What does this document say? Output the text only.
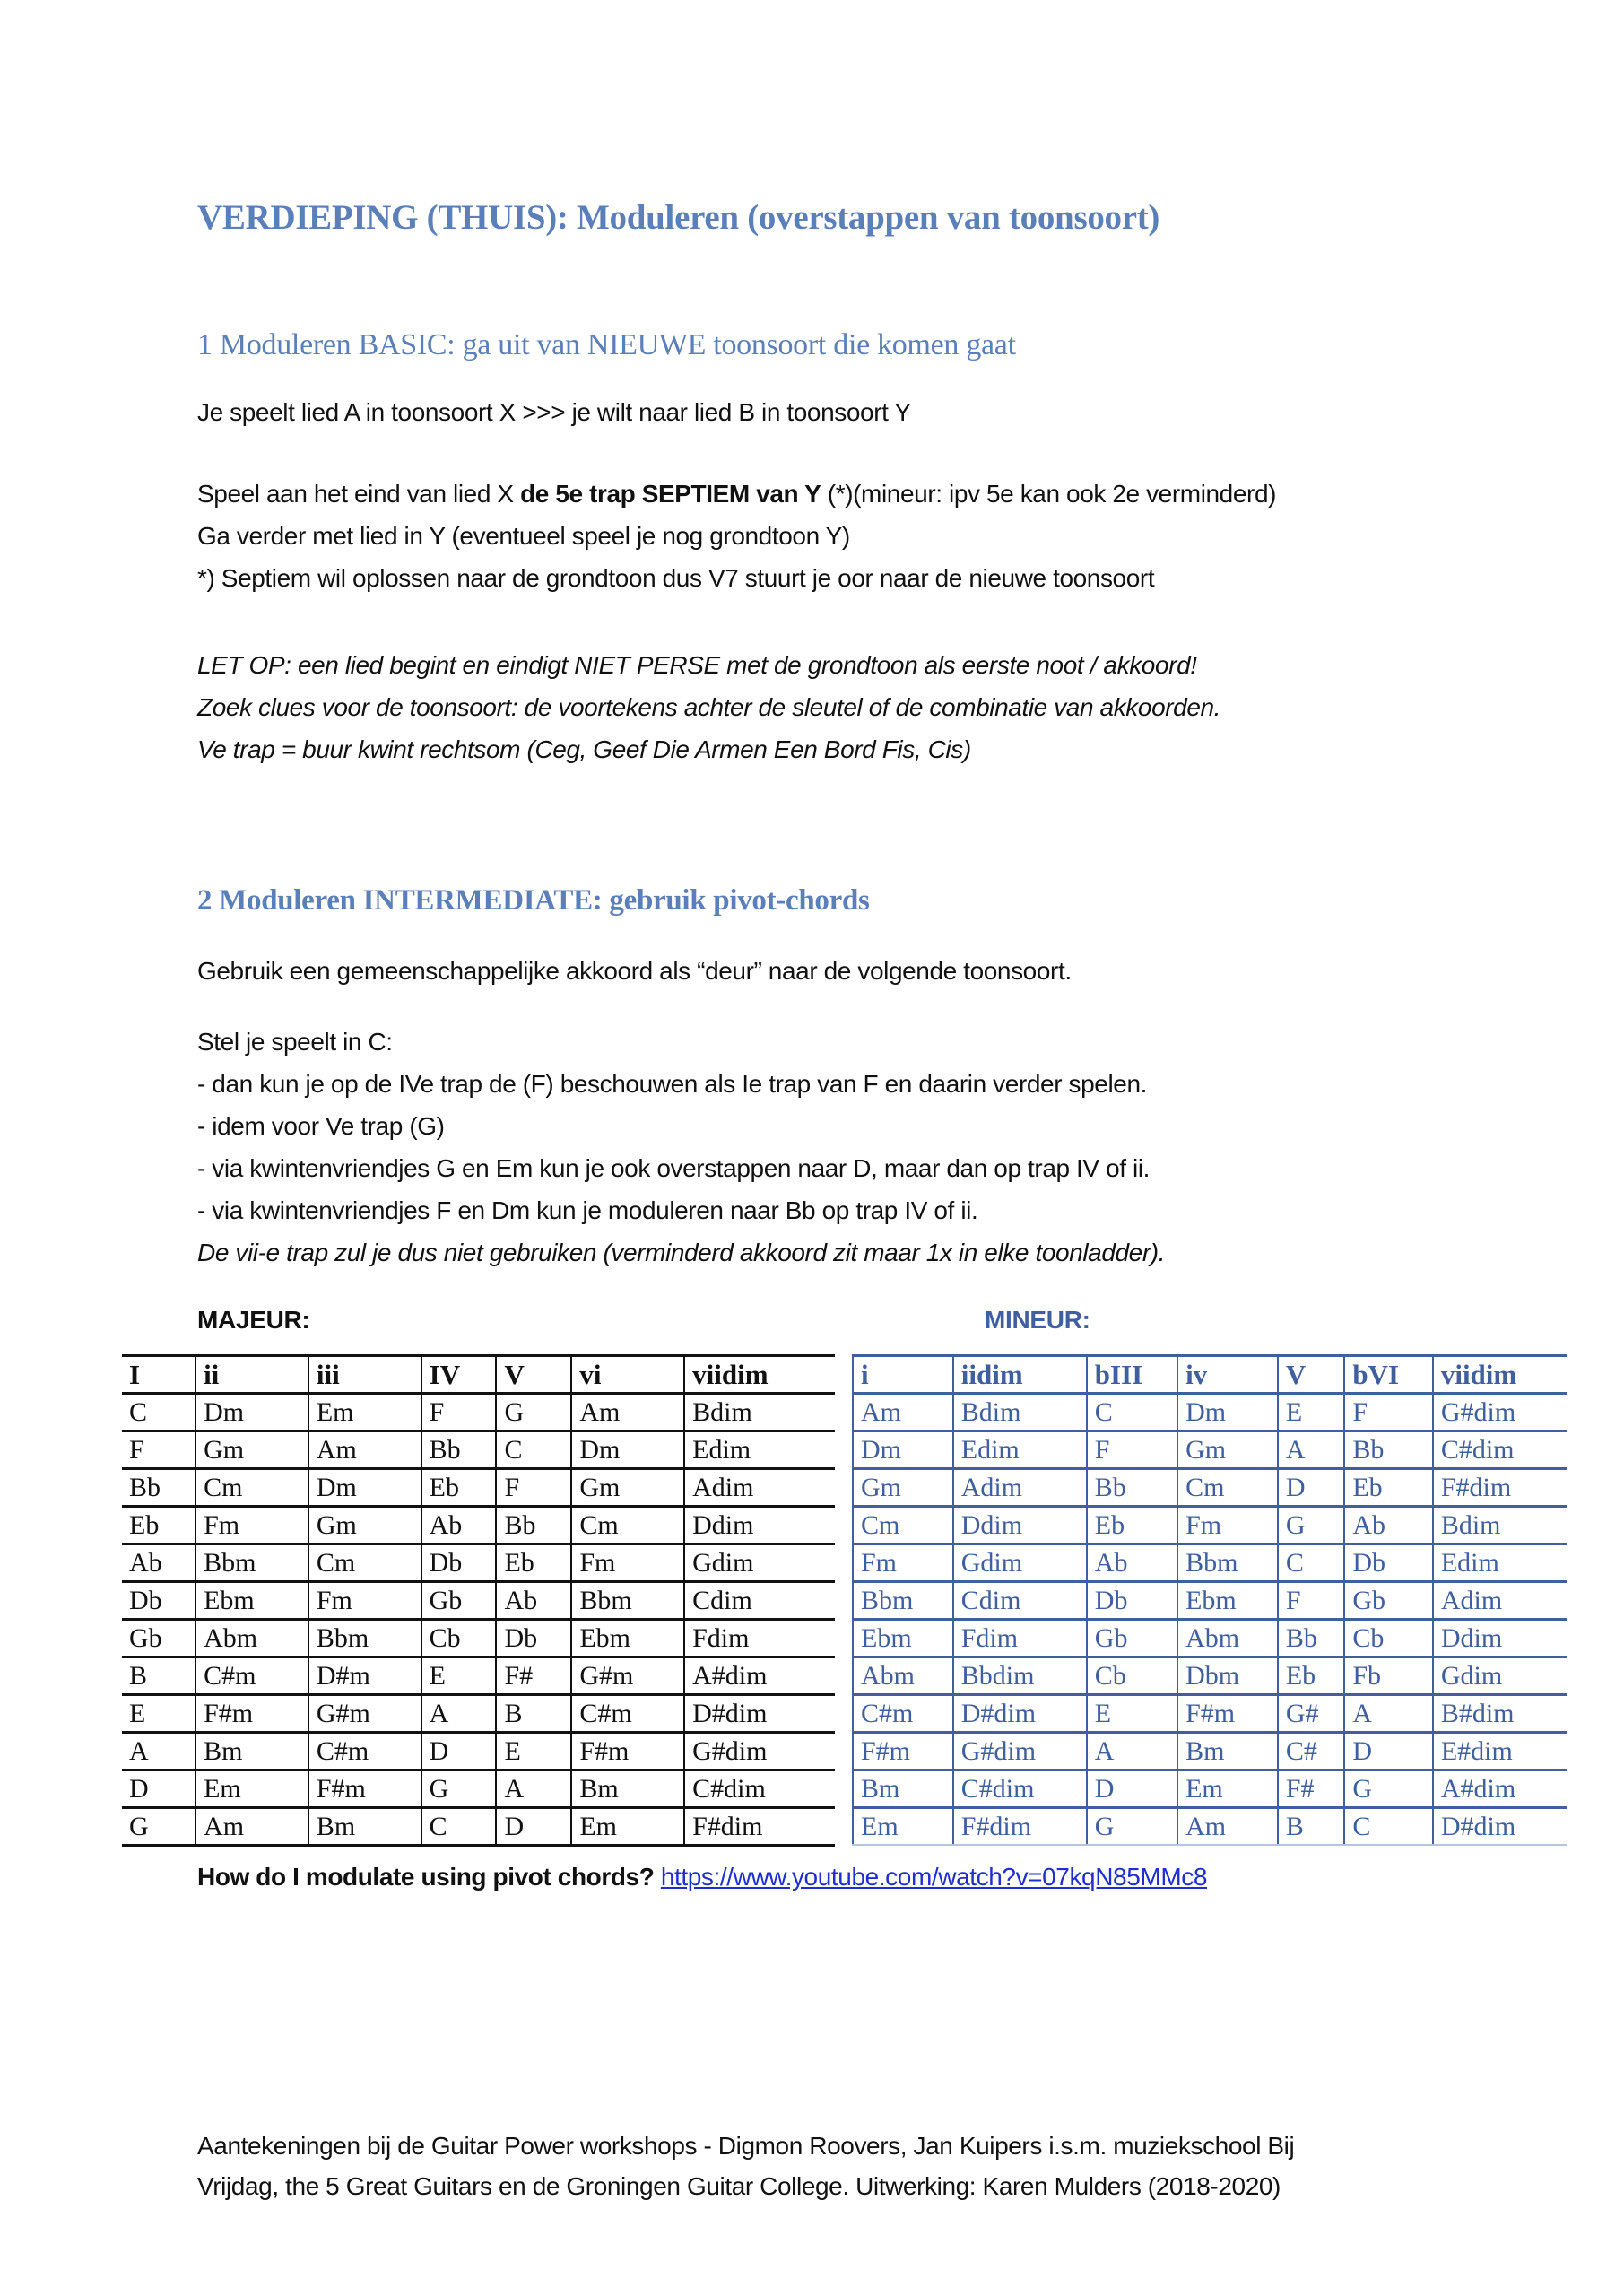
VERDIEPING (THUIS): Moduleren (overstappen van toonsoort)
1 Moduleren BASIC: ga uit van NIEUWE toonsoort die komen gaat

Je speelt lied A in toonsoort X >>> je wilt naar lied B in toonsoort Y

Speel aan het eind van lied X de 5e trap SEPTIEM van Y (*)(mineur: ipv 5e kan ook 2e verminderd)

Ga verder met lied in Y (eventueel speel je nog grondtoon Y)

*) Septiem wil oplossen naar de grondtoon dus V7 stuurt je oor naar de nieuwe toonsoort

LET OP: een lied begint en eindigt NIET PERSE met de grondtoon als eerste noot / akkoord!

Zoek clues voor de toonsoort: de voortekens achter de sleutel of de combinatie van akkoorden.

Ve trap = buur kwint rechtsom (Ceg, Geef Die Armen Een Bord Fis, Cis)

2 Moduleren INTERMEDIATE: gebruik pivot-chords

Gebruik een gemeenschappelijke akkoord als “deur” naar de volgende toonsoort.

Stel je speelt in C:

- dan kun je op de IVe trap de (F) beschouwen als Ie trap van F en daarin verder spelen.

- idem voor Ve trap (G)

- via kwintenvriendjes G en Em kun je ook overstappen naar D, maar dan op trap IV of ii.

- via kwintenvriendjes F en Dm kun je moduleren naar Bb op trap IV of ii.

De vii-e trap zul je dus niet gebruiken (verminderd akkoord zit maar 1x in elke toonladder).

MAJEUR:	MINEUR:
I	ii	iii	IV	V	vi	viidim
C	Dm	Em	F	G	Am	Bdim
F	Gm	Am	Bb	C	Dm	Edim
Bb	Cm	Dm	Eb	F	Gm	Adim
Eb	Fm	Gm	Ab	Bb	Cm	Ddim
Ab	Bbm	Cm	Db	Eb	Fm	Gdim
Db	Ebm	Fm	Gb	Ab	Bbm	Cdim
Gb	Abm	Bbm	Cb	Db	Ebm	Fdim
B	C#m	D#m	E	F#	G#m	A#dim
E	F#m	G#m	A	B	C#m	D#dim
A	Bm	C#m	D	E	F#m	G#dim
D	Em	F#m	G	A	Bm	C#dim
G	Am	Bm	C	D	Em	F#dim
i	iidim	bIII	iv	V	bVI	viidim
Am	Bdim	C	Dm	E	F	G#dim
Dm	Edim	F	Gm	A	Bb	C#dim
Gm	Adim	Bb	Cm	D	Eb	F#dim
Cm	Ddim	Eb	Fm	G	Ab	Bdim
Fm	Gdim	Ab	Bbm	C	Db	Edim
Bbm	Cdim	Db	Ebm	F	Gb	Adim
Ebm	Fdim	Gb	Abm	Bb	Cb	Ddim
Abm	Bbdim	Cb	Dbm	Eb	Fb	Gdim
C#m	D#dim	E	F#m	G#	A	B#dim
F#m	G#dim	A	Bm	C#	D	E#dim
Bm	C#dim	D	Em	F#	G	A#dim
Em	F#dim	G	Am	B	C	D#dim
How do I modulate using pivot chords? https://www.youtube.com/watch?v=07kqN85MMc8

Aantekeningen bij de Guitar Power workshops - Digmon Roovers, Jan Kuipers i.s.m. muziekschool Bij

Vrijdag, the 5 Great Guitars en de Groningen Guitar College. Uitwerking: Karen Mulders (2018-2020)
